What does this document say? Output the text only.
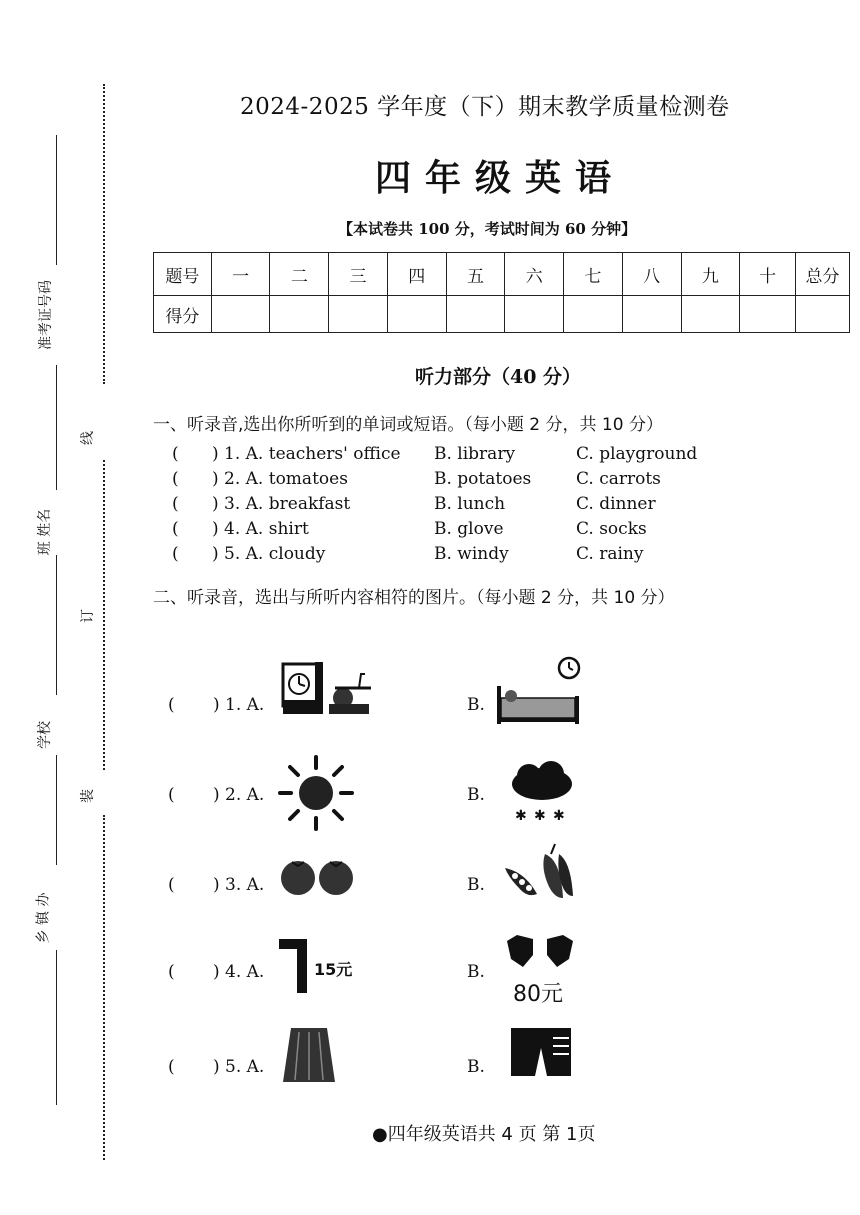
线
订
装
准考证号码
班 姓名
学校
乡 镇 办
2024-2025 学年度（下）期末教学质量检测卷
四年级英语
【本试卷共 100 分，考试时间为 60 分钟】
题号	一	二	三	四	五	六	七	八	九	十	总分
得分											
听力部分（40 分）
一、听录音,选出你所听到的单词或短语。（每小题 2 分，共 10 分）
( ) 1. A. teachers' office B. library	C. playground
( ) 2. A. tomatoes	B. potatoes	C. carrots
( ) 3. A. breakfast	B. lunch	C. dinner
( ) 4. A. shirt	B. glove	C. socks
( ) 5. A. cloudy	B. windy	C. rainy
二、听录音，选出与所听内容相符的图片。（每小题 2 分，共 10 分）
( ) 1. A.	B.
( ) 2. A.	B.
✱ ✱ ✱
( ) 3. A.	B.
( ) 4. A.	15元	B.
80元
( ) 5. A.	B.
●四年级英语共 4 页 第 1页
